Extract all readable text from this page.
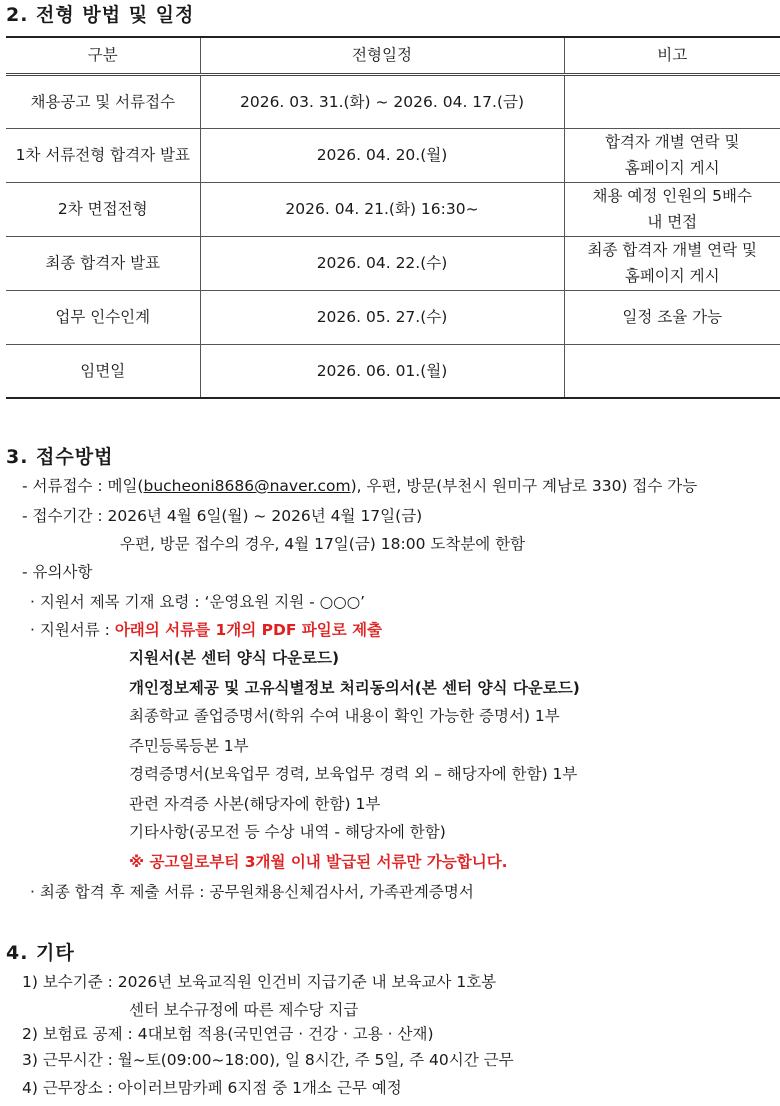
2. 전형 방법 및 일정
구분	전형일정	비고
채용공고 및 서류접수	2026. 03. 31.(화) ~ 2026. 04. 17.(금)	
1차 서류전형 합격자 발표	2026. 04. 20.(월)	합격자 개별 연락 및
홈페이지 게시
2차 면접전형	2026. 04. 21.(화) 16:30~	채용 예정 인원의 5배수
내 면접
최종 합격자 발표	2026. 04. 22.(수)	최종 합격자 개별 연락 및
홈페이지 게시
업무 인수인계	2026. 05. 27.(수)	일정 조율 가능
임면일	2026. 06. 01.(월)	
3. 접수방법
- 서류접수 : 메일(bucheoni8686@naver.com), 우편, 방문(부천시 원미구 계남로 330) 접수 가능
- 접수기간 : 2026년 4월 6일(월) ~ 2026년 4월 17일(금)
우편, 방문 접수의 경우, 4월 17일(금) 18:00 도착분에 한함
- 유의사항
· 지원서 제목 기재 요령 : ‘운영요원 지원 - ○○○’
· 지원서류 : 아래의 서류를 1개의 PDF 파일로 제출
지원서(본 센터 양식 다운로드)
개인정보제공 및 고유식별정보 처리동의서(본 센터 양식 다운로드)
최종학교 졸업증명서(학위 수여 내용이 확인 가능한 증명서) 1부
주민등록등본 1부
경력증명서(보육업무 경력, 보육업무 경력 외 – 해당자에 한함) 1부
관련 자격증 사본(해당자에 한함) 1부
기타사항(공모전 등 수상 내역 - 해당자에 한함)
※ 공고일로부터 3개월 이내 발급된 서류만 가능합니다.
· 최종 합격 후 제출 서류 : 공무원채용신체검사서, 가족관계증명서
4. 기타
1) 보수기준 : 2026년 보육교직원 인건비 지급기준 내 보육교사 1호봉
센터 보수규정에 따른 제수당 지급
2) 보험료 공제 : 4대보험 적용(국민연금 · 건강 · 고용 · 산재)
3) 근무시간 : 월~토(09:00~18:00), 일 8시간, 주 5일, 주 40시간 근무
4) 근무장소 : 아이러브맘카페 6지점 중 1개소 근무 예정
